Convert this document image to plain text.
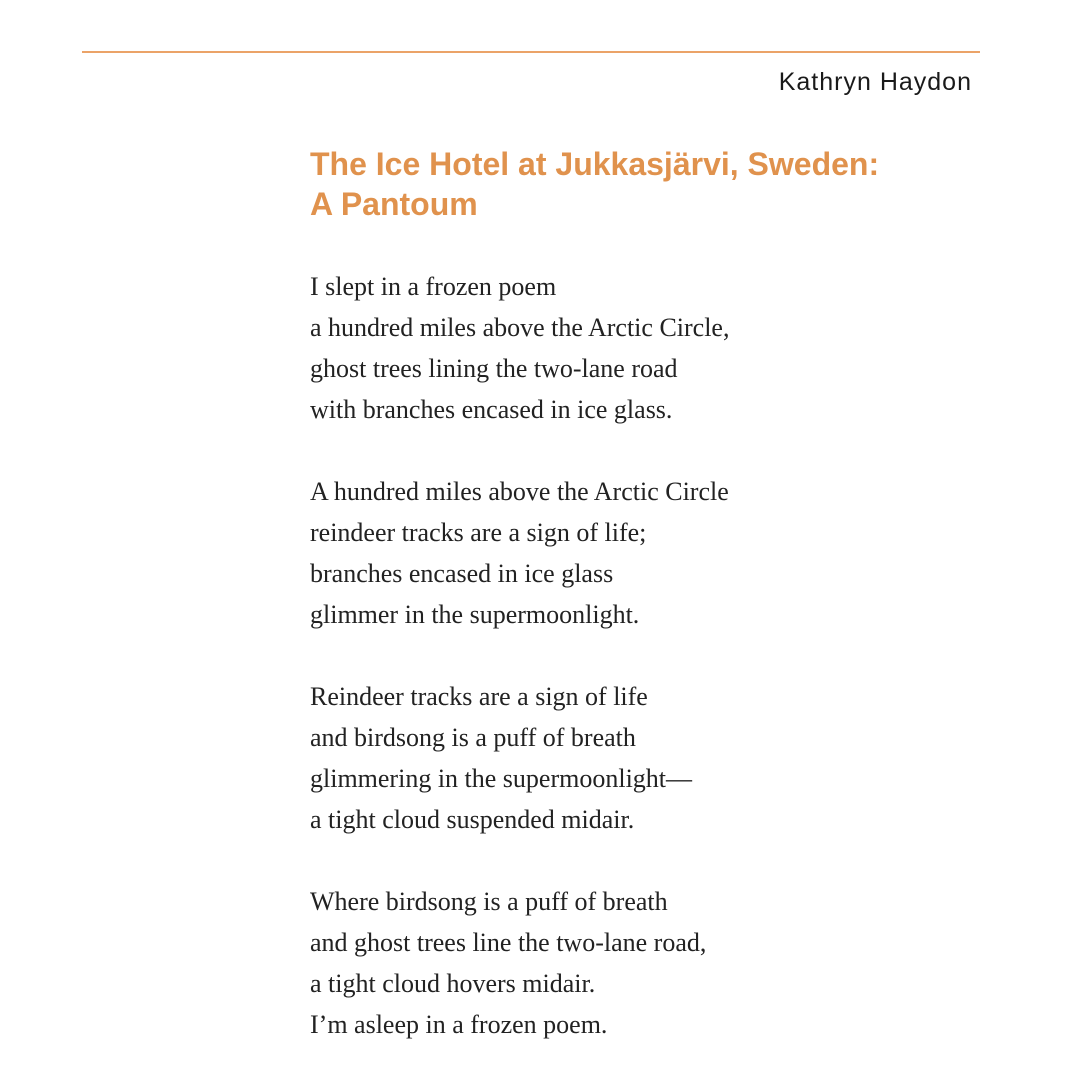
Kathryn Haydon
The Ice Hotel at Jukkasjärvi, Sweden:
A Pantoum
I slept in a frozen poem
a hundred miles above the Arctic Circle,
ghost trees lining the two-lane road
with branches encased in ice glass.
A hundred miles above the Arctic Circle
reindeer tracks are a sign of life;
branches encased in ice glass
glimmer in the supermoonlight.
Reindeer tracks are a sign of life
and birdsong is a puff of breath
glimmering in the supermoonlight—
a tight cloud suspended midair.
Where birdsong is a puff of breath
and ghost trees line the two-lane road,
a tight cloud hovers midair.
I’m asleep in a frozen poem.
